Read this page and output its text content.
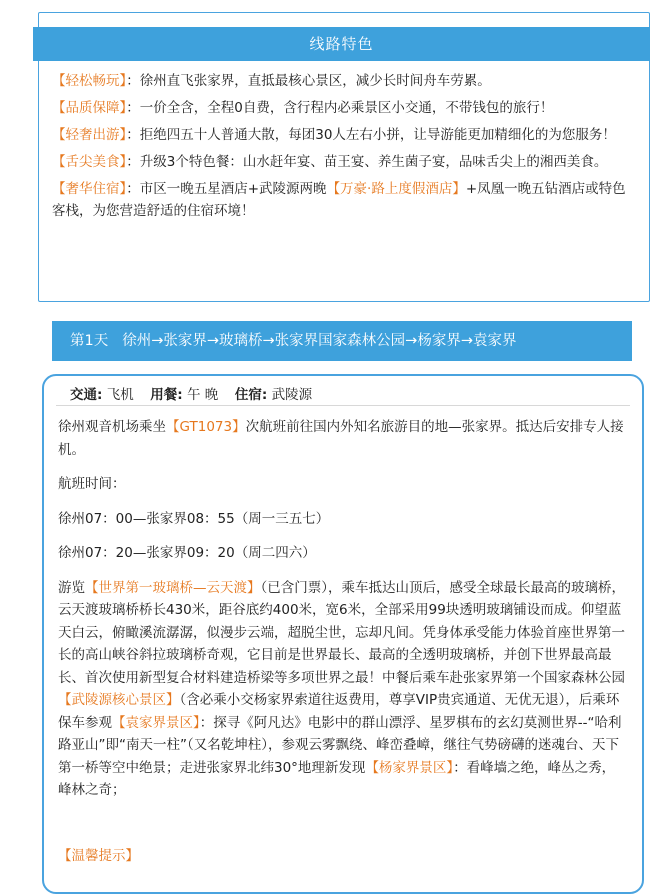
线路特色
【轻松畅玩】：徐州直飞张家界，直抵最核心景区，减少长时间舟车劳累。
【品质保障】：一价全含，全程0自费，含行程内必乘景区小交通，不带钱包的旅行！
【轻奢出游】：拒绝四五十人普通大散，每团30人左右小拼，让导游能更加精细化的为您服务！
【舌尖美食】：升级3个特色餐：山水赶年宴、苗王宴、养生菌子宴，品味舌尖上的湘西美食。
【奢华住宿】：市区一晚五星酒店+武陵源两晚【万豪·路上度假酒店】+凤凰一晚五钻酒店或特色客栈，为您营造舒适的住宿环境！
第1天 徐州→张家界→玻璃桥→张家界国家森林公园→杨家界→袁家界
交通: 飞机 用餐: 午 晚 住宿: 武陵源

徐州观音机场乘坐【GT1073】次航班前往国内外知名旅游目的地—张家界。抵达后安排专人接机。

航班时间：

徐州07：00—张家界08：55（周一三五七）

徐州07：20—张家界09：20（周二四六）

游览【世界第一玻璃桥—云天渡】（已含门票），乘车抵达山顶后，感受全球最长最高的玻璃桥，云天渡玻璃桥桥长430米，距谷底约400米，宽6米，全部采用99块透明玻璃铺设而成。仰望蓝天白云，俯瞰溪流潺潺，似漫步云端，超脱尘世，忘却凡间。凭身体承受能力体验首座世界第一长的高山峡谷斜拉玻璃桥奇观，它目前是世界最长、最高的全透明玻璃桥，并创下世界最高最长、首次使用新型复合材料建造桥梁等多项世界之最！中餐后乘车赴张家界第一个国家森林公园【武陵源核心景区】（含必乘小交杨家界索道往返费用，尊享VIP贵宾通道、无优无退），后乘环保车参观【袁家界景区】：探寻《阿凡达》电影中的群山漂浮、星罗棋布的玄幻莫测世界--“哈利路亚山”即“南天一柱”（又名乾坤柱），参观云雾飘绕、峰峦叠嶂，继往气势磅礴的迷魂台、天下第一桥等空中绝景；走进张家界北纬30°地理新发现【杨家界景区】：看峰墙之绝，峰丛之秀，峰林之奇；

【温馨提示】
